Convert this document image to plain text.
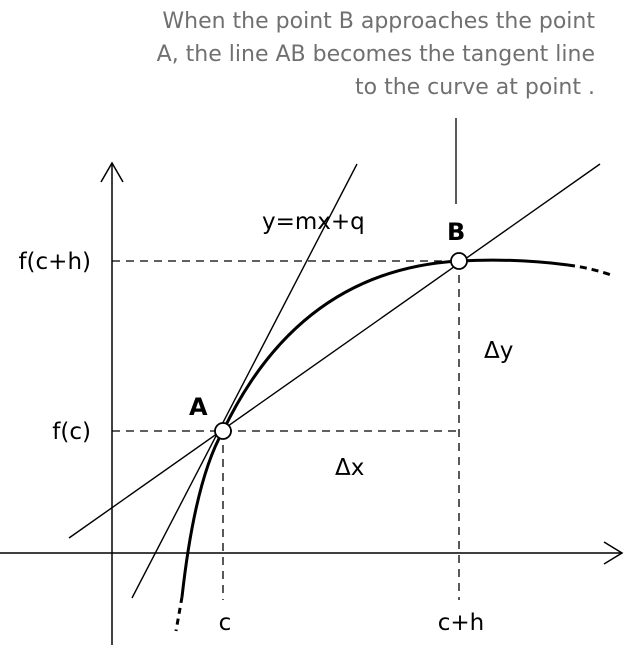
When the point B approaches the point
A, the line AB becomes the tangent line
to the curve at point .
y=mx+q	B
A
f(c+h)
f(c)
c	c+h
Δx
Δy
